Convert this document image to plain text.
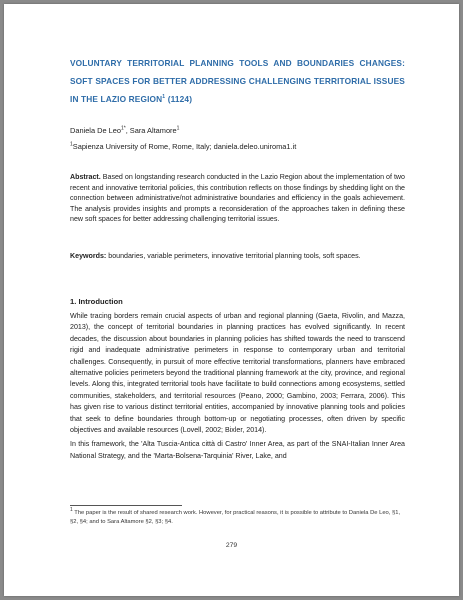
VOLUNTARY TERRITORIAL PLANNING TOOLS AND BOUNDARIES CHANGES: SOFT SPACES FOR BETTER ADDRESSING CHALLENGING TERRITORIAL ISSUES IN THE LAZIO REGION$^1$ (1124)
Daniela De Leo$^{1*}$, Sara Altamore$^1$
$^1$Sapienza University of Rome, Rome, Italy; daniela.deleo.uniroma1.it
Abstract. Based on longstanding research conducted in the Lazio Region about the implementation of two recent and innovative territorial policies, this contribution reflects on those findings by shedding light on the connection between administrative/not administrative boundaries and efficiency in the goals achievement. The analysis provides insights and prompts a reconsideration of the approaches taken in defining these new soft spaces for better addressing challenging territorial issues.
Keywords: boundaries, variable perimeters, innovative territorial planning tools, soft spaces.
1. Introduction

While tracing borders remain crucial aspects of urban and regional planning (Gaeta, Rivolin, and Mazza, 2013), the concept of territorial boundaries in planning practices has evolved significantly. In recent decades, the discussion about boundaries in planning policies has shifted towards the need to transcend rigid and inadequate administrative perimeters in response to contemporary urban and territorial challenges. Consequently, in pursuit of more effective territorial transformations, planners have embraced alternative policies perimeters beyond the traditional planning framework at the city, province, and regional levels. Along this, integrated territorial tools have facilitate to build connections among ecosystems, settled communities, stakeholders, and territorial resources (Peano, 2000; Gambino, 2003; Ferrara, 2006). This has given rise to various distinct territorial entities, accompanied by innovative planning tools and policies that seek to define boundaries through bottom-up or negotiating processes, often driven by specific objectives and available resources (Lovell, 2002; Bixler, 2014).

In this framework, the 'Alta Tuscia-Antica città di Castro' Inner Area, as part of the SNAI-Italian Inner Area National Strategy, and the 'Marta-Bolsena-Tarquinia' River, Lake, and

$^1$ The paper is the result of shared research work. However, for practical reasons, it is possible to attribute to Daniela De Leo, §1, §2, §4; and to Sara Altamore §2, §3; §4.
279
